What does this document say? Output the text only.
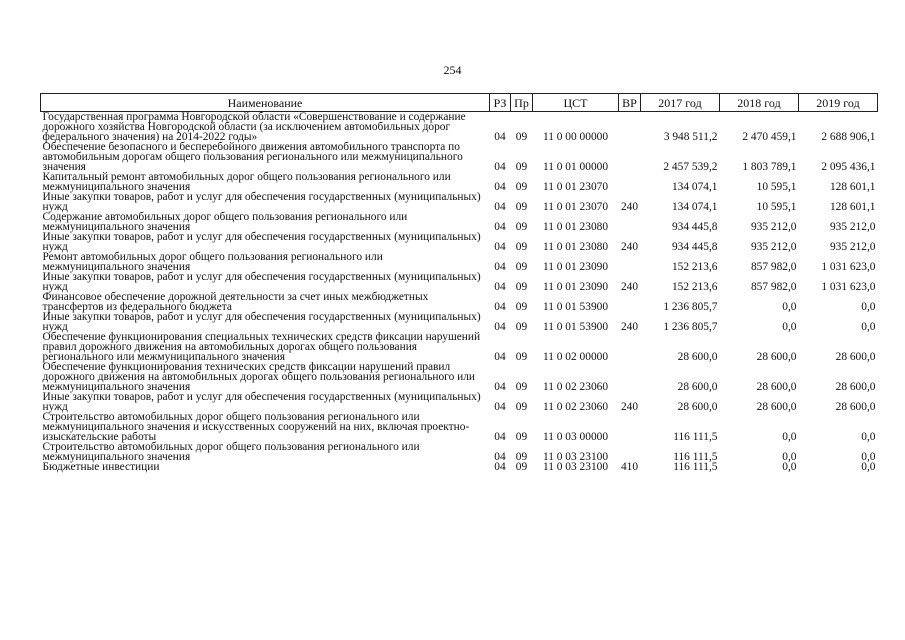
254
Наименование	РЗ	Пр	ЦСТ	ВР	2017 год	2018 год	2019 год
Государственная программа Новгородской области «Совершенствование и содержание дорожного хозяйства Новгородской области (за исключением автомобильных дорог федерального значения) на 2014-2022 годы»	04	09	11 0 00 00000		3 948 511,2	2 470 459,1	2 688 906,1
Обеспечение безопасного и бесперебойного движения автомобильного транспорта по автомобильным дорогам общего пользования регионального или межмуниципального значения	04	09	11 0 01 00000		2 457 539,2	1 803 789,1	2 095 436,1
Капитальный ремонт автомобильных дорог общего пользования регионального или межмуниципального значения	04	09	11 0 01 23070		134 074,1	10 595,1	128 601,1
Иные закупки товаров, работ и услуг для обеспечения государственных (муниципальных) нужд	04	09	11 0 01 23070	240	134 074,1	10 595,1	128 601,1
Содержание автомобильных дорог общего пользования регионального или межмуниципального значения	04	09	11 0 01 23080		934 445,8	935 212,0	935 212,0
Иные закупки товаров, работ и услуг для обеспечения государственных (муниципальных) нужд	04	09	11 0 01 23080	240	934 445,8	935 212,0	935 212,0
Ремонт автомобильных дорог общего пользования регионального или межмуниципального значения	04	09	11 0 01 23090		152 213,6	857 982,0	1 031 623,0
Иные закупки товаров, работ и услуг для обеспечения государственных (муниципальных) нужд	04	09	11 0 01 23090	240	152 213,6	857 982,0	1 031 623,0
Финансовое обеспечение дорожной деятельности за счет иных межбюджетных трансфертов из федерального бюджета	04	09	11 0 01 53900		1 236 805,7	0,0	0,0
Иные закупки товаров, работ и услуг для обеспечения государственных (муниципальных) нужд	04	09	11 0 01 53900	240	1 236 805,7	0,0	0,0
Обеспечение функционирования специальных технических средств фиксации нарушений правил дорожного движения на автомобильных дорогах общего пользования регионального или межмуниципального значения	04	09	11 0 02 00000		28 600,0	28 600,0	28 600,0
Обеспечение функционирования технических средств фиксации нарушений правил дорожного движения на автомобильных дорогах общего пользования регионального или межмуниципального значения	04	09	11 0 02 23060		28 600,0	28 600,0	28 600,0
Иные закупки товаров, работ и услуг для обеспечения государственных (муниципальных) нужд	04	09	11 0 02 23060	240	28 600,0	28 600,0	28 600,0
Строительство автомобильных дорог общего пользования регионального или межмуниципального значения и искусственных сооружений на них, включая проектно-изыскательские работы	04	09	11 0 03 00000		116 111,5	0,0	0,0
Строительство автомобильных дорог общего пользования регионального или межмуниципального значения	04	09	11 0 03 23100		116 111,5	0,0	0,0
Бюджетные инвестиции	04	09	11 0 03 23100	410	116 111,5	0,0	0,0
